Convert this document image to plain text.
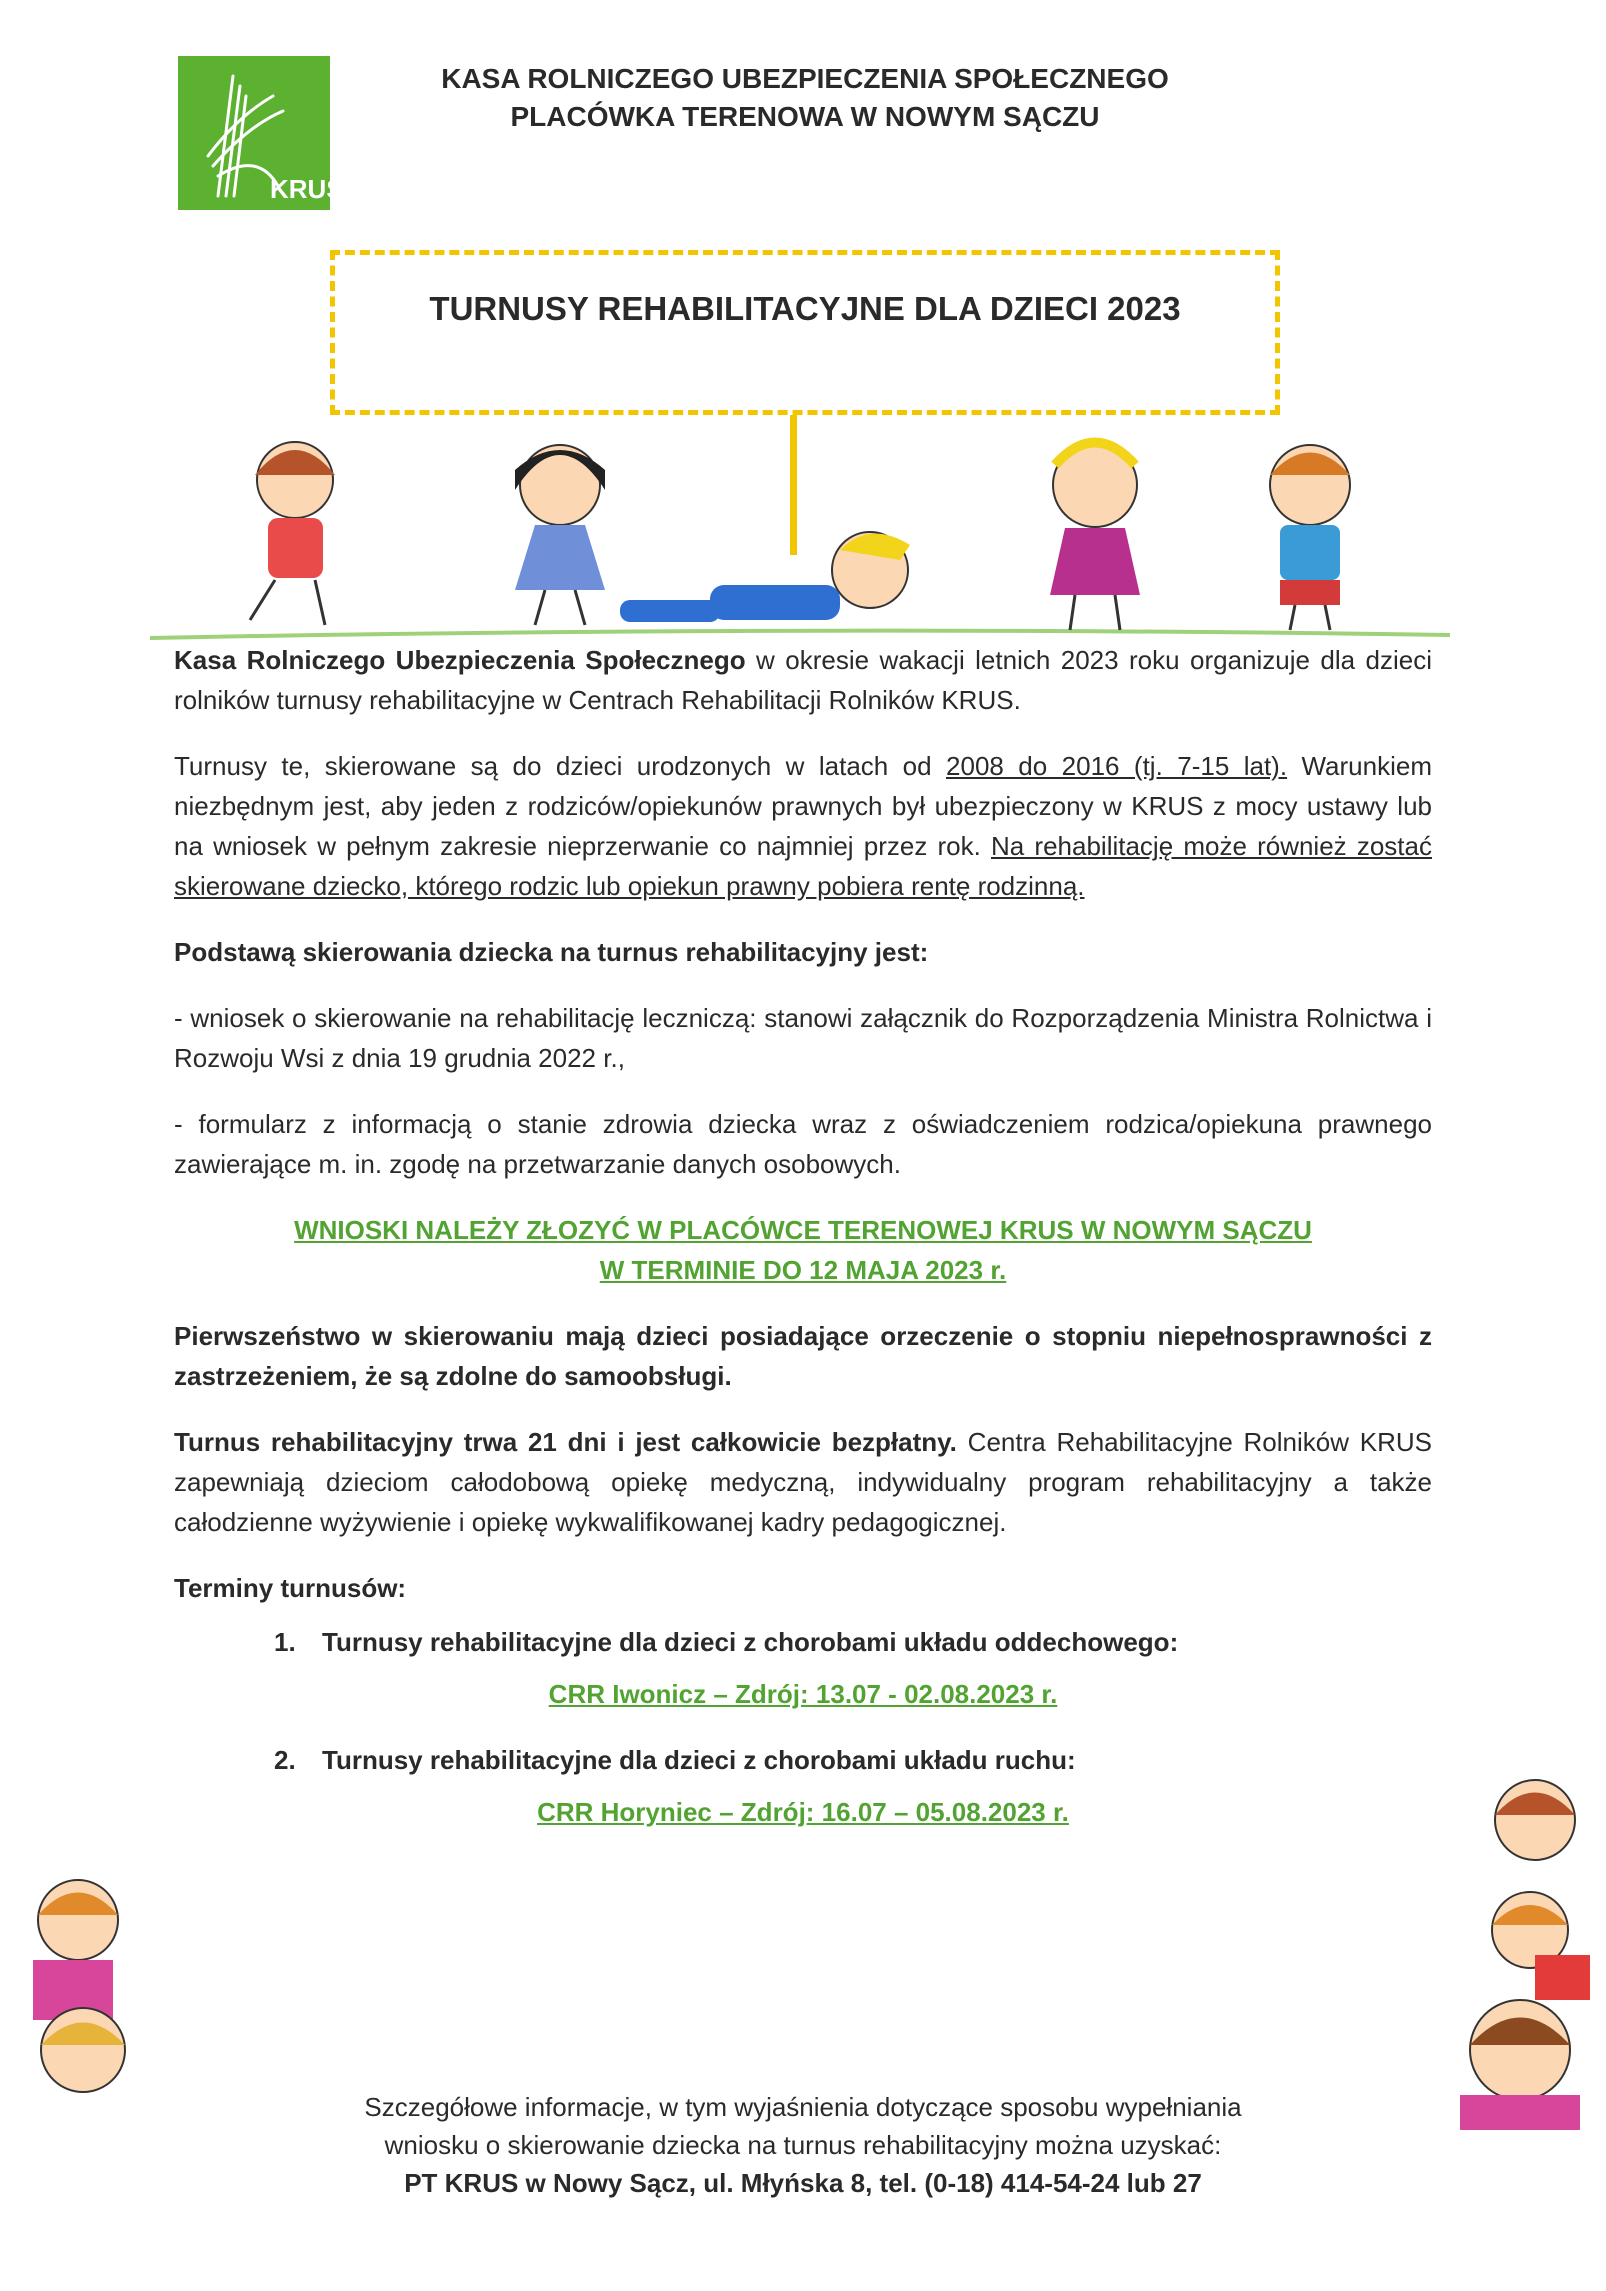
KRUS
KASA ROLNICZEGO UBEZPIECZENIA SPOŁECZNEGO
PLACÓWKA TERENOWA W NOWYM SĄCZU
TURNUSY REHABILITACYJNE DLA DZIECI 2023

Kasa Rolniczego Ubezpieczenia Społecznego w okresie wakacji letnich 2023 roku organizuje dla dzieci rolników turnusy rehabilitacyjne w Centrach Rehabilitacji Rolników KRUS.

Turnusy te, skierowane są do dzieci urodzonych w latach od 2008 do 2016 (tj. 7-15 lat). Warunkiem niezbędnym jest, aby jeden z rodziców/opiekunów prawnych był ubezpieczony w KRUS z mocy ustawy lub na wniosek w pełnym zakresie nieprzerwanie co najmniej przez rok. Na rehabilitację może również zostać skierowane dziecko, którego rodzic lub opiekun prawny pobiera rentę rodzinną.

Podstawą skierowania dziecka na turnus rehabilitacyjny jest:

- wniosek o skierowanie na rehabilitację leczniczą: stanowi załącznik do Rozporządzenia Ministra Rolnictwa i Rozwoju Wsi z dnia 19 grudnia 2022 r.,

- formularz z informacją o stanie zdrowia dziecka wraz z oświadczeniem rodzica/opiekuna prawnego zawierające m. in. zgodę na przetwarzanie danych osobowych.

WNIOSKI NALEŻY ZŁOZYĆ W PLACÓWCE TERENOWEJ KRUS W NOWYM SĄCZU

W TERMINIE DO 12 MAJA 2023 r.

Pierwszeństwo w skierowaniu mają dzieci posiadające orzeczenie o stopniu niepełnosprawności z zastrzeżeniem, że są zdolne do samoobsługi.

Turnus rehabilitacyjny trwa 21 dni i jest całkowicie bezpłatny. Centra Rehabilitacyjne Rolników KRUS zapewniają dzieciom całodobową opiekę medyczną, indywidualny program rehabilitacyjny a także całodzienne wyżywienie i opiekę wykwalifikowanej kadry pedagogicznej.

Terminy turnusów:

1. Turnusy rehabilitacyjne dla dzieci z chorobami układu oddechowego:

CRR Iwonicz – Zdrój: 13.07 - 02.08.2023 r.

2. Turnusy rehabilitacyjne dla dzieci z chorobami układu ruchu:

CRR Horyniec – Zdrój: 16.07 – 05.08.2023 r.

Szczegółowe informacje, w tym wyjaśnienia dotyczące sposobu wypełniania
wniosku o skierowanie dziecka na turnus rehabilitacyjny można uzyskać:
PT KRUS w Nowy Sącz, ul. Młyńska 8, tel. (0-18) 414-54-24 lub 27
